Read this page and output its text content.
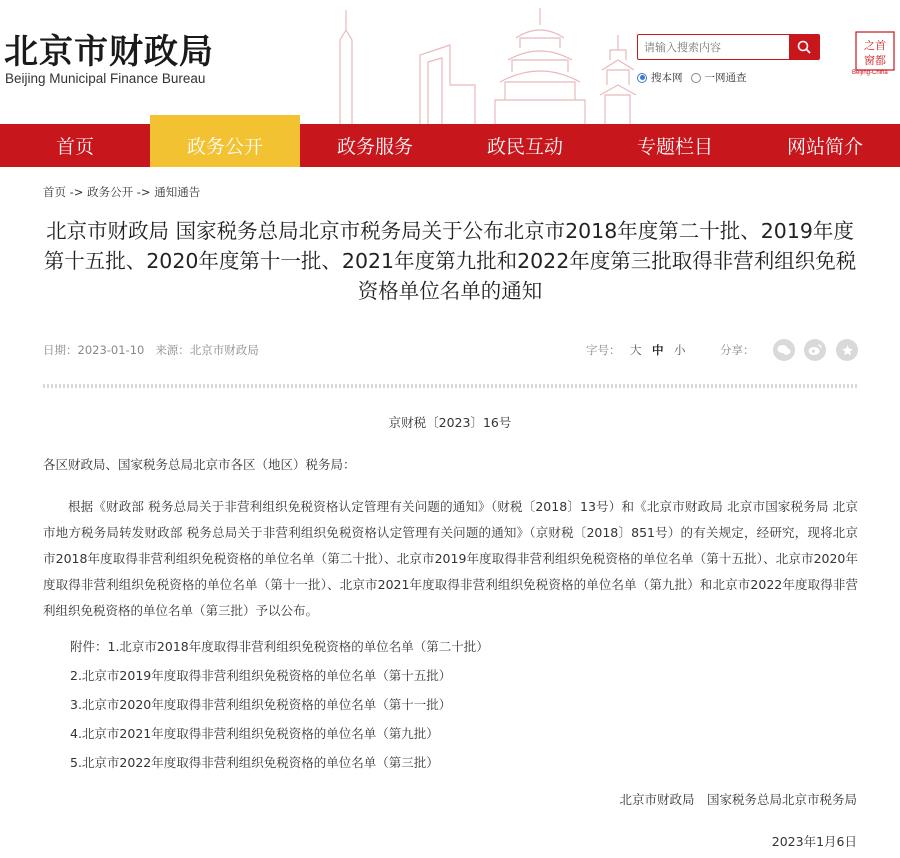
北京市财政局
Beijing Municipal Finance Bureau
请输入搜索内容	搜本网 一网通查
之首
窗都
Beijing-China
首页	政务公开	政务服务	政民互动	专题栏目	网站简介
首页 -> 政务公开 -> 通知通告
北京市财政局 国家税务总局北京市税务局关于公布北京市2018年度第二十批、2019年度第十五批、2020年度第十一批、2021年度第九批和2022年度第三批取得非营利组织免税资格单位名单的通知
日期：2023-01-10 来源：北京市财政局	字号： 大 中 小	分享：
京财税〔2023〕16号
各区财政局、国家税务总局北京市各区（地区）税务局：
根据《财政部 税务总局关于非营利组织免税资格认定管理有关问题的通知》（财税〔2018〕13号）和《北京市财政局 北京市国家税务局 北京市地方税务局转发财政部 税务总局关于非营利组织免税资格认定管理有关问题的通知》（京财税〔2018〕851号）的有关规定，经研究，现将北京市2018年度取得非营利组织免税资格的单位名单（第二十批）、北京市2019年度取得非营利组织免税资格的单位名单（第十五批）、北京市2020年度取得非营利组织免税资格的单位名单（第十一批）、北京市2021年度取得非营利组织免税资格的单位名单（第九批）和北京市2022年度取得非营利组织免税资格的单位名单（第三批）予以公布。
附件：1.北京市2018年度取得非营利组织免税资格的单位名单（第二十批）
2.北京市2019年度取得非营利组织免税资格的单位名单（第十五批）
3.北京市2020年度取得非营利组织免税资格的单位名单（第十一批）
4.北京市2021年度取得非营利组织免税资格的单位名单（第九批）
5.北京市2022年度取得非营利组织免税资格的单位名单（第三批）
北京市财政局　国家税务总局北京市税务局
2023年1月6日
